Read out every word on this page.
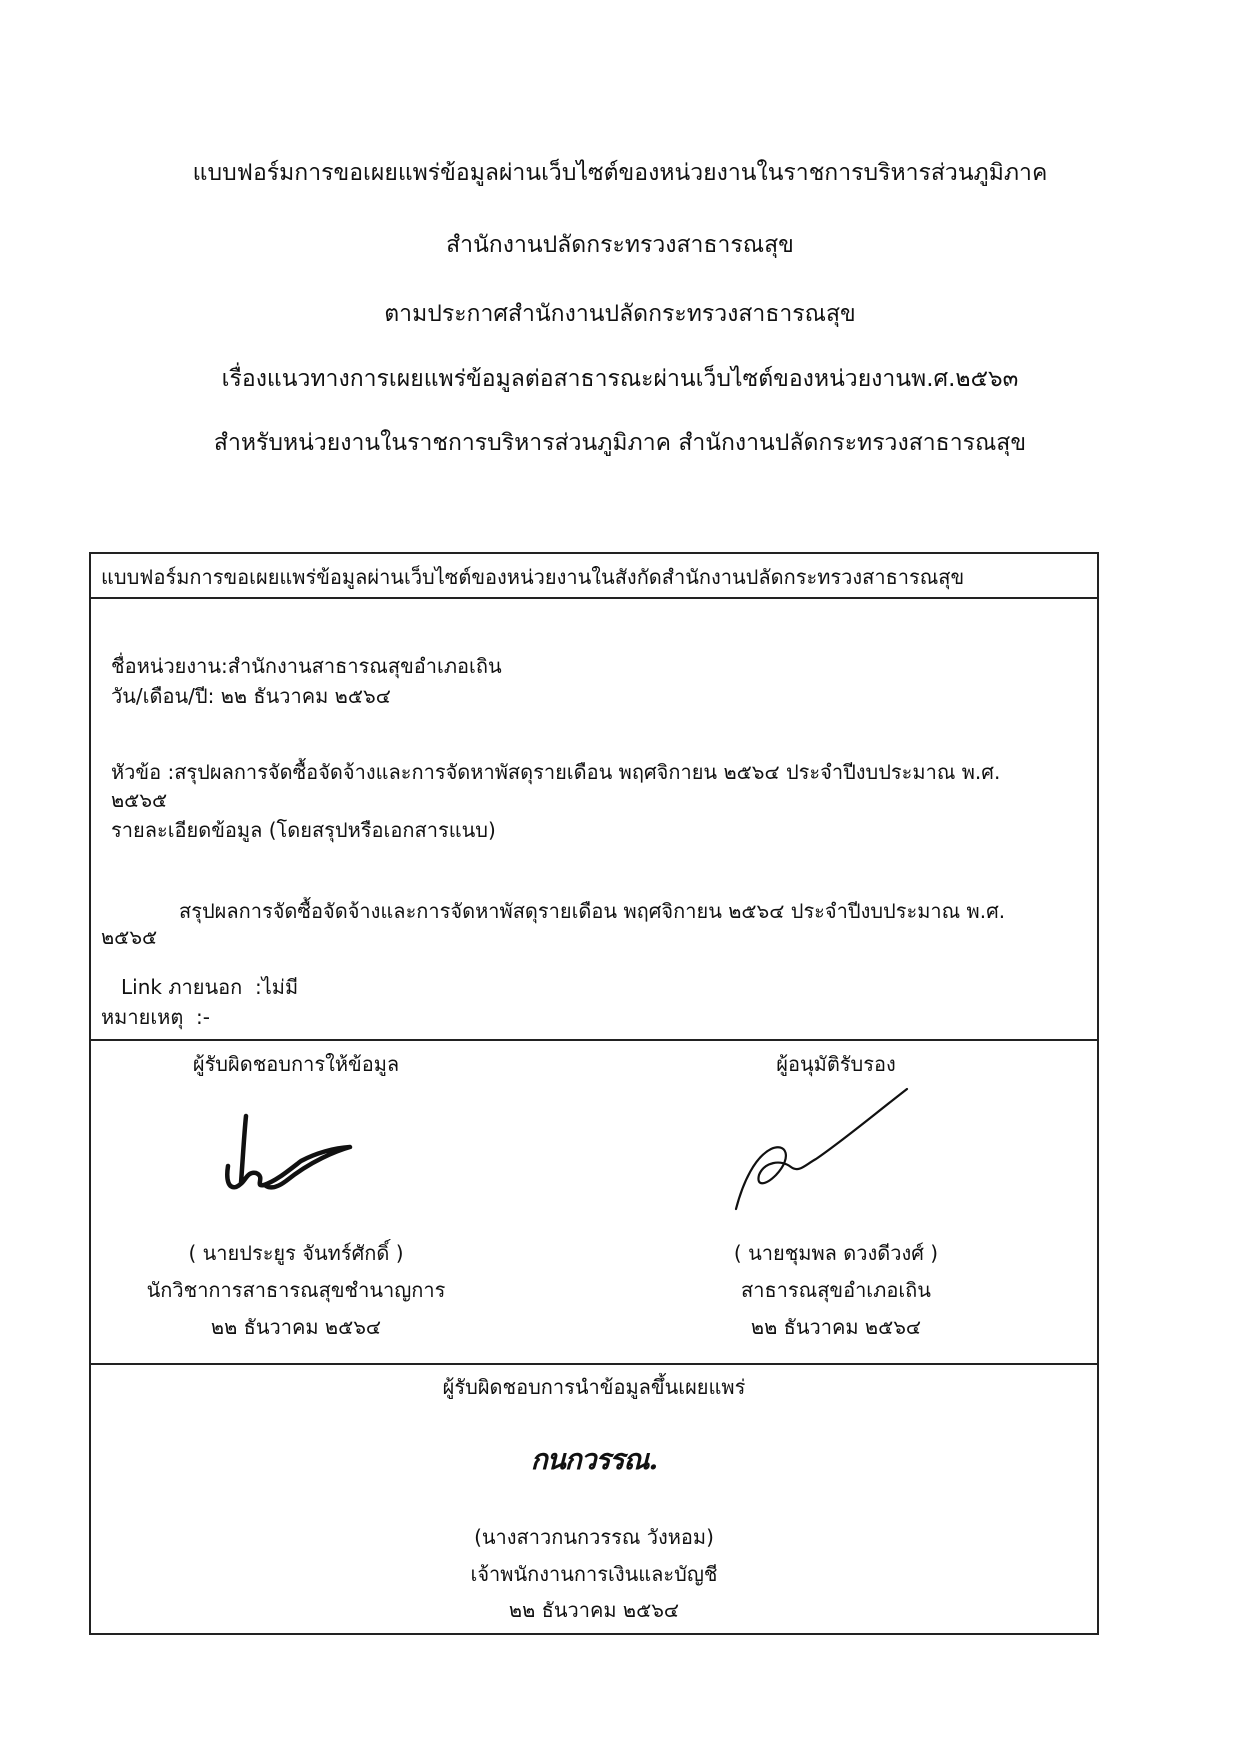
แบบฟอร์มการขอเผยแพร่ข้อมูลผ่านเว็บไซต์ของหน่วยงานในราชการบริหารส่วนภูมิภาค
สำนักงานปลัดกระทรวงสาธารณสุข
ตามประกาศสำนักงานปลัดกระทรวงสาธารณสุข
เรื่องแนวทางการเผยแพร่ข้อมูลต่อสาธารณะผ่านเว็บไซต์ของหน่วยงานพ.ศ.๒๕๖๓
สำหรับหน่วยงานในราชการบริหารส่วนภูมิภาค สำนักงานปลัดกระทรวงสาธารณสุข
แบบฟอร์มการขอเผยแพร่ข้อมูลผ่านเว็บไซต์ของหน่วยงานในสังกัดสำนักงานปลัดกระทรวงสาธารณสุข
ชื่อหน่วยงาน:สำนักงานสาธารณสุขอำเภอเถิน
วัน/เดือน/ปี: ๒๒ ธันวาคม ๒๕๖๔
หัวข้อ :สรุปผลการจัดซื้อจัดจ้างและการจัดหาพัสดุรายเดือน พฤศจิกายน ๒๕๖๔ ประจำปีงบประมาณ พ.ศ.
๒๕๖๕
รายละเอียดข้อมูล (โดยสรุปหรือเอกสารแนบ)
สรุปผลการจัดซื้อจัดจ้างและการจัดหาพัสดุรายเดือน พฤศจิกายน ๒๕๖๔ ประจำปีงบประมาณ พ.ศ.
๒๕๖๕
Link ภายนอก :ไม่มี
หมายเหตุ :-
ผู้รับผิดชอบการให้ข้อมูล
( นายประยูร จันทร์ศักดิ์ )
นักวิชาการสาธารณสุขชำนาญการ
๒๒ ธันวาคม ๒๕๖๔
ผู้อนุมัติรับรอง
( นายชุมพล ดวงดีวงศ์ )
สาธารณสุขอำเภอเถิน
๒๒ ธันวาคม ๒๕๖๔
ผู้รับผิดชอบการนำข้อมูลขึ้นเผยแพร่
กนกวรรณ.
(นางสาวกนกวรรณ วังหอม)
เจ้าพนักงานการเงินและบัญชี
๒๒ ธันวาคม ๒๕๖๔
